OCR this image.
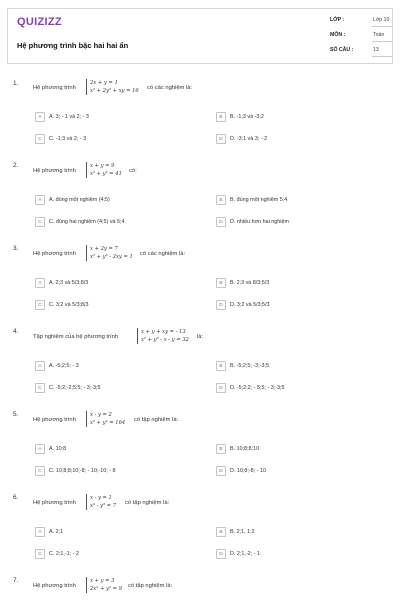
QUIZIZZ
Hệ phương trình bậc hai hai ẩn
LỚP :	Lớp 10
MÔN :	Toán
SỐ CÂU :	13
1.
Hệ phương trình
2x + y = 1
x² + 2y² + xy = 16 có các nghiệm là:
A	A. 3; - 1 và 2; - 3	B	B. -1;3 và -3;2
C	C. -1;3 và 2; - 3	D	D. -3;1 và 3; - 2
2.
Hệ phương trình
x + y = 9
x² + y² = 41 có:
A	A. đúng một nghiệm (4;5)	B	B. đúng một nghiệm 5;4
C	C. đúng hai nghiệm (4;5) và 5;4	D	D. nhiều hơn hai nghiệm
3.
Hệ phương trình
x + 2y = 7
x² + y² - 2xy = 1 có các nghiệm là:
A	A. 2;3 và 5/3;8/3	B	B. 2;3 và 8/3;5/3
C	C. 3;2 và 5/3;8/3	D	D. 3;2 và 5/3;5/3
4.
Tập nghiệm của hệ phương trình
x + y + xy = - 13
x² + y² - x - y = 32 là:
A	A. -5;2;5; - 3	B	B. -5;2;5; -3;-3;5
C	C. -5;2;-2;5;5; - 3;-3;5	D	D. -5;2;2; - 5;5; - 3;-3;5
5.
Hệ phương trình
x - y = 2
x² + y² = 164 có tập nghiệm là:
A	A. 10;8	B	B. 10;8;8;10
C	C. 10;8;8;10;-8; - 10;-10; - 8	D	D. 10;8;-8; - 10
6.
Hệ phương trình
x - y = 1
x³ - y³ = 7 có tập nghiệm là:
A	A. 2;1	B	B. 2;1, 1;2
C	C. 2;1,-1; - 2	D	D. 2;1,-2; - 1
7.
Hệ phương trình
x + y = 3
2x² + y² = 9 có tập nghiệm là:
